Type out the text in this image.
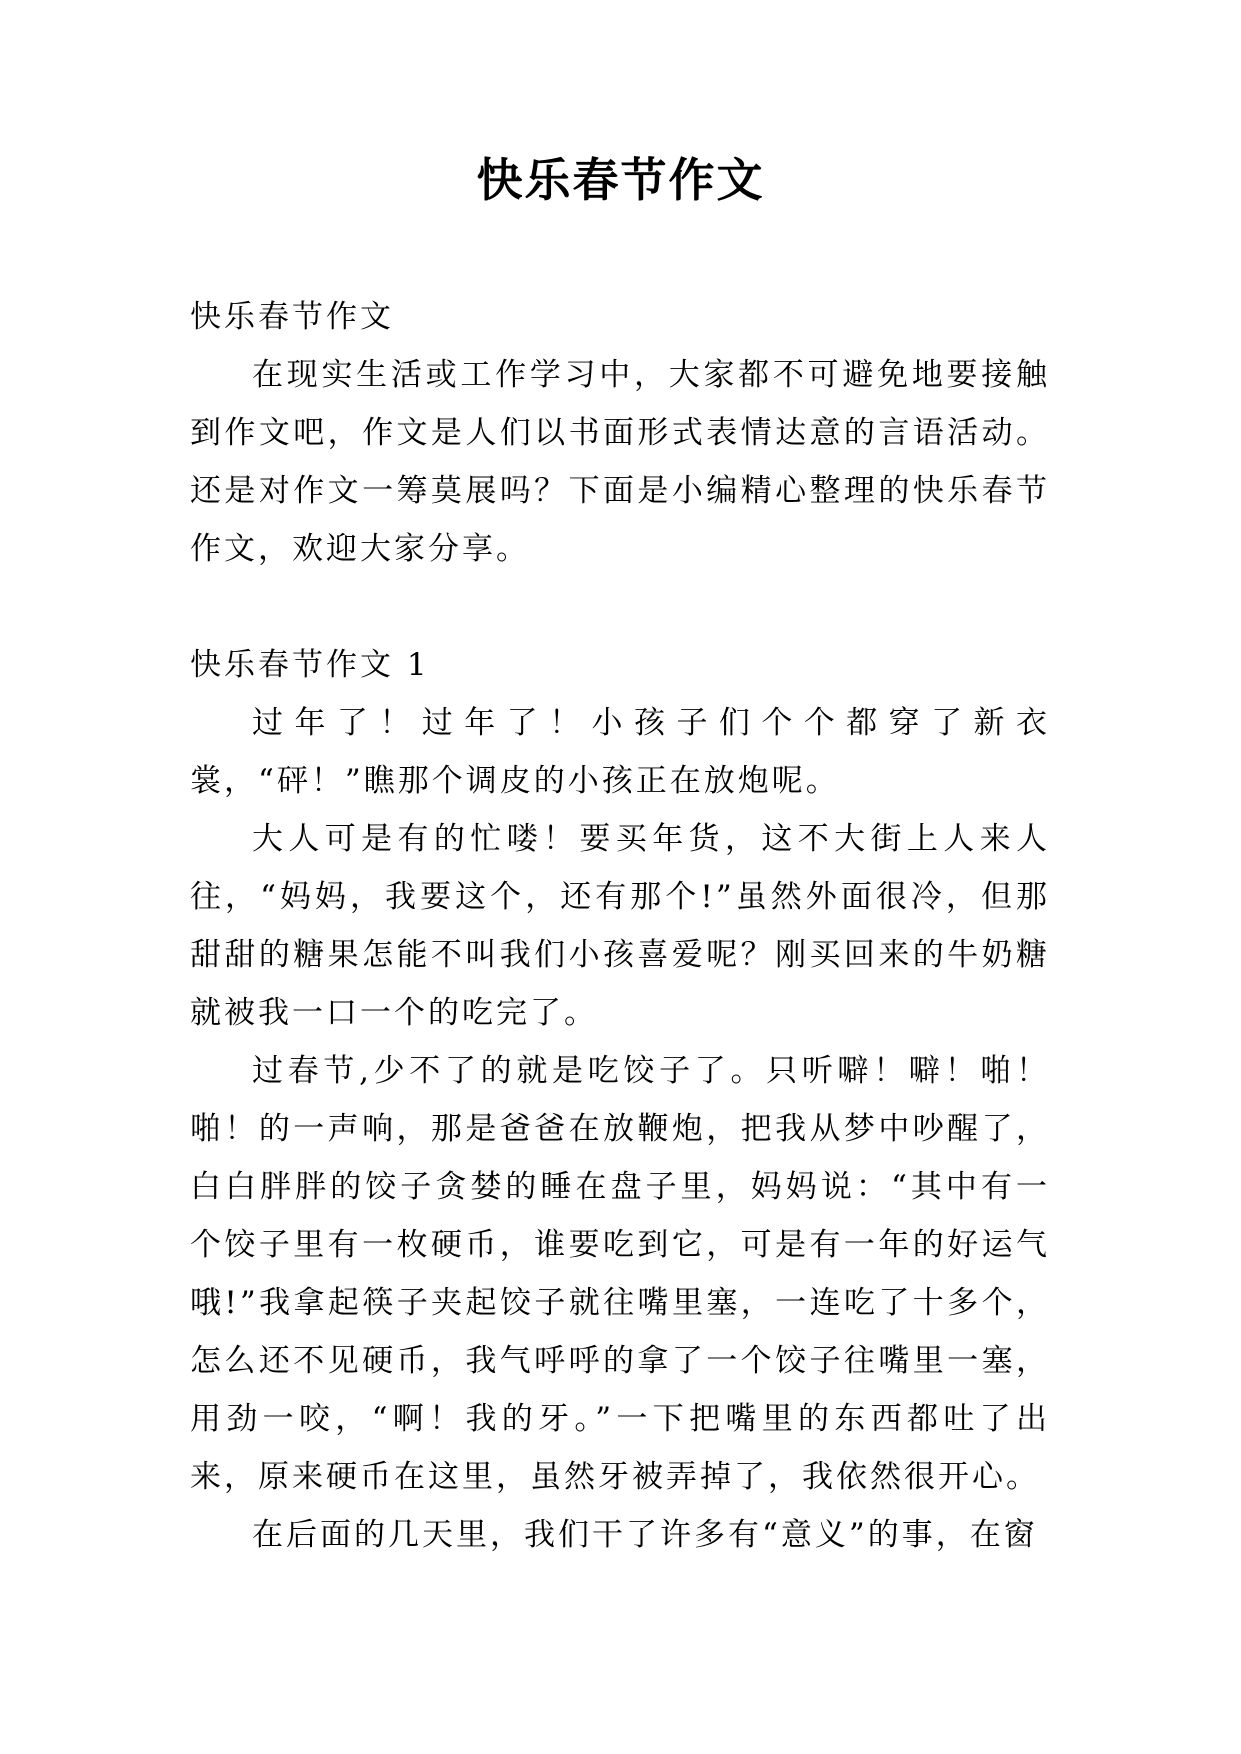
快乐春节作文

快乐春节作文

在现实生活或工作学习中，大家都不可避免地要接触到作文吧，作文是人们以书面形式表情达意的言语活动。还是对作文一筹莫展吗？下面是小编精心整理的快乐春节作文，欢迎大家分享。

快乐春节作文 1

过年了！过年了！小孩子们个个都穿了新衣裳，“砰！”瞧那个调皮的小孩正在放炮呢。

大人可是有的忙喽！要买年货，这不大街上人来人往，“妈妈，我要这个，还有那个!”虽然外面很冷，但那甜甜的糖果怎能不叫我们小孩喜爱呢？刚买回来的牛奶糖就被我一口一个的吃完了。

过春节,少不了的就是吃饺子了。只听噼！噼！啪！啪！的一声响，那是爸爸在放鞭炮，把我从梦中吵醒了，白白胖胖的饺子贪婪的睡在盘子里，妈妈说：“其中有一个饺子里有一枚硬币，谁要吃到它，可是有一年的好运气哦!”我拿起筷子夹起饺子就往嘴里塞，一连吃了十多个，怎么还不见硬币，我气呼呼的拿了一个饺子往嘴里一塞，用劲一咬，“啊！我的牙。”一下把嘴里的东西都吐了出来，原来硬币在这里，虽然牙被弄掉了，我依然很开心。

在后面的几天里，我们干了许多有“意义”的事，在窗
